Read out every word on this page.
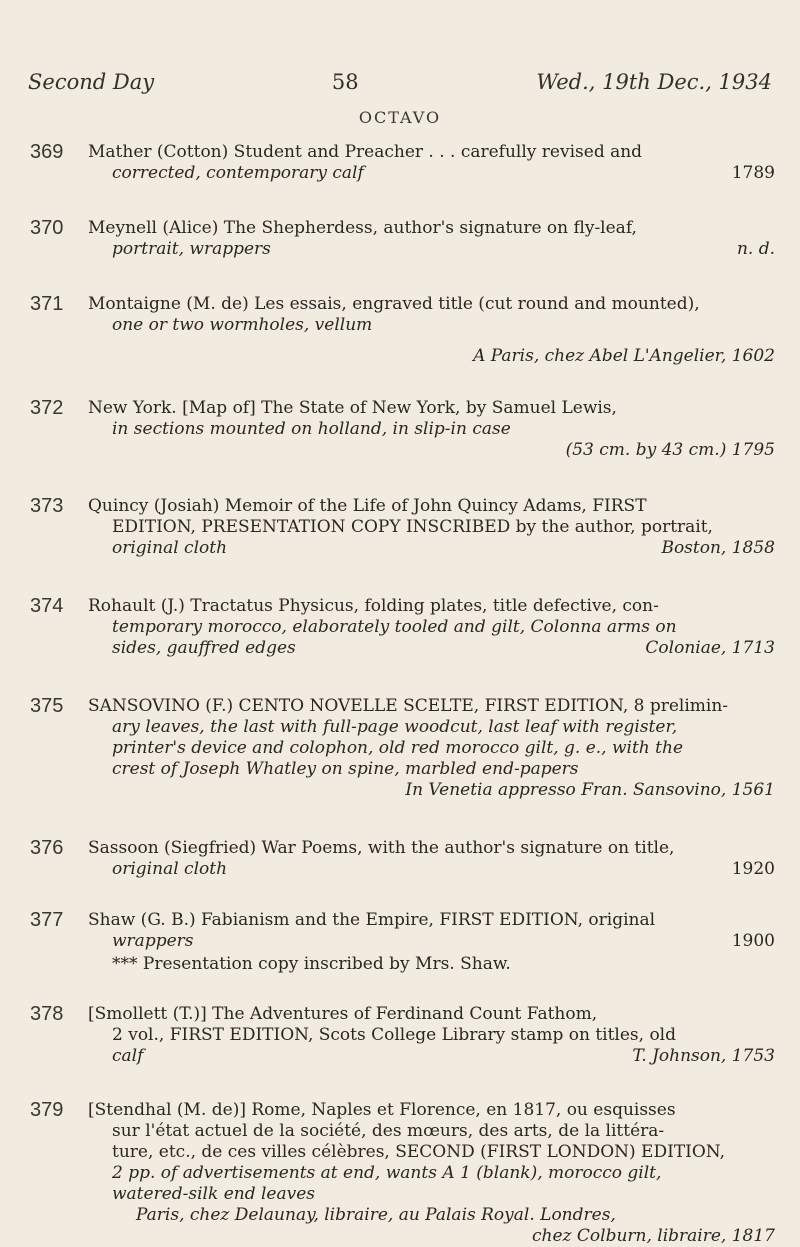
Second Day	58	Wed., 19th Dec., 1934
OCTAVO
369	Mather (Cotton) Student and Preacher . . . carefully revised and
corrected, contemporary calf	1789
370	Meynell (Alice) The Shepherdess, author's signature on fly-leaf,
portrait, wrappers	n. d.
371	Montaigne (M. de) Les essais, engraved title (cut round and mounted),
one or two wormholes, vellum
A Paris, chez Abel L'Angelier, 1602
372	New York. [Map of] The State of New York, by Samuel Lewis,
in sections mounted on holland, in slip-in case
(53 cm. by 43 cm.) 1795
373	Quincy (Josiah) Memoir of the Life of John Quincy Adams, FIRST
EDITION, PRESENTATION COPY INSCRIBED by the author, portrait,
original cloth	Boston, 1858
374	Rohault (J.) Tractatus Physicus, folding plates, title defective, con-
temporary morocco, elaborately tooled and gilt, Colonna arms on
sides, gauffred edges	Coloniae, 1713
375	SANSOVINO (F.) CENTO NOVELLE SCELTE, FIRST EDITION, 8 prelimin-
ary leaves, the last with full-page woodcut, last leaf with register,
printer's device and colophon, old red morocco gilt, g. e., with the
crest of Joseph Whatley on spine, marbled end-papers
In Venetia appresso Fran. Sansovino, 1561
376	Sassoon (Siegfried) War Poems, with the author's signature on title,
original cloth	1920
377	Shaw (G. B.) Fabianism and the Empire, FIRST EDITION, original
wrappers	1900
*** Presentation copy inscribed by Mrs. Shaw.
378	[Smollett (T.)] The Adventures of Ferdinand Count Fathom,
2 vol., FIRST EDITION, Scots College Library stamp on titles, old
calf	T. Johnson, 1753
379	[Stendhal (M. de)] Rome, Naples et Florence, en 1817, ou esquisses
sur l'état actuel de la société, des mœurs, des arts, de la littéra-
ture, etc., de ces villes célèbres, SECOND (FIRST LONDON) EDITION,
2 pp. of advertisements at end, wants A 1 (blank), morocco gilt,
watered-silk end leaves
Paris, chez Delaunay, libraire, au Palais Royal. Londres,
chez Colburn, libraire, 1817
